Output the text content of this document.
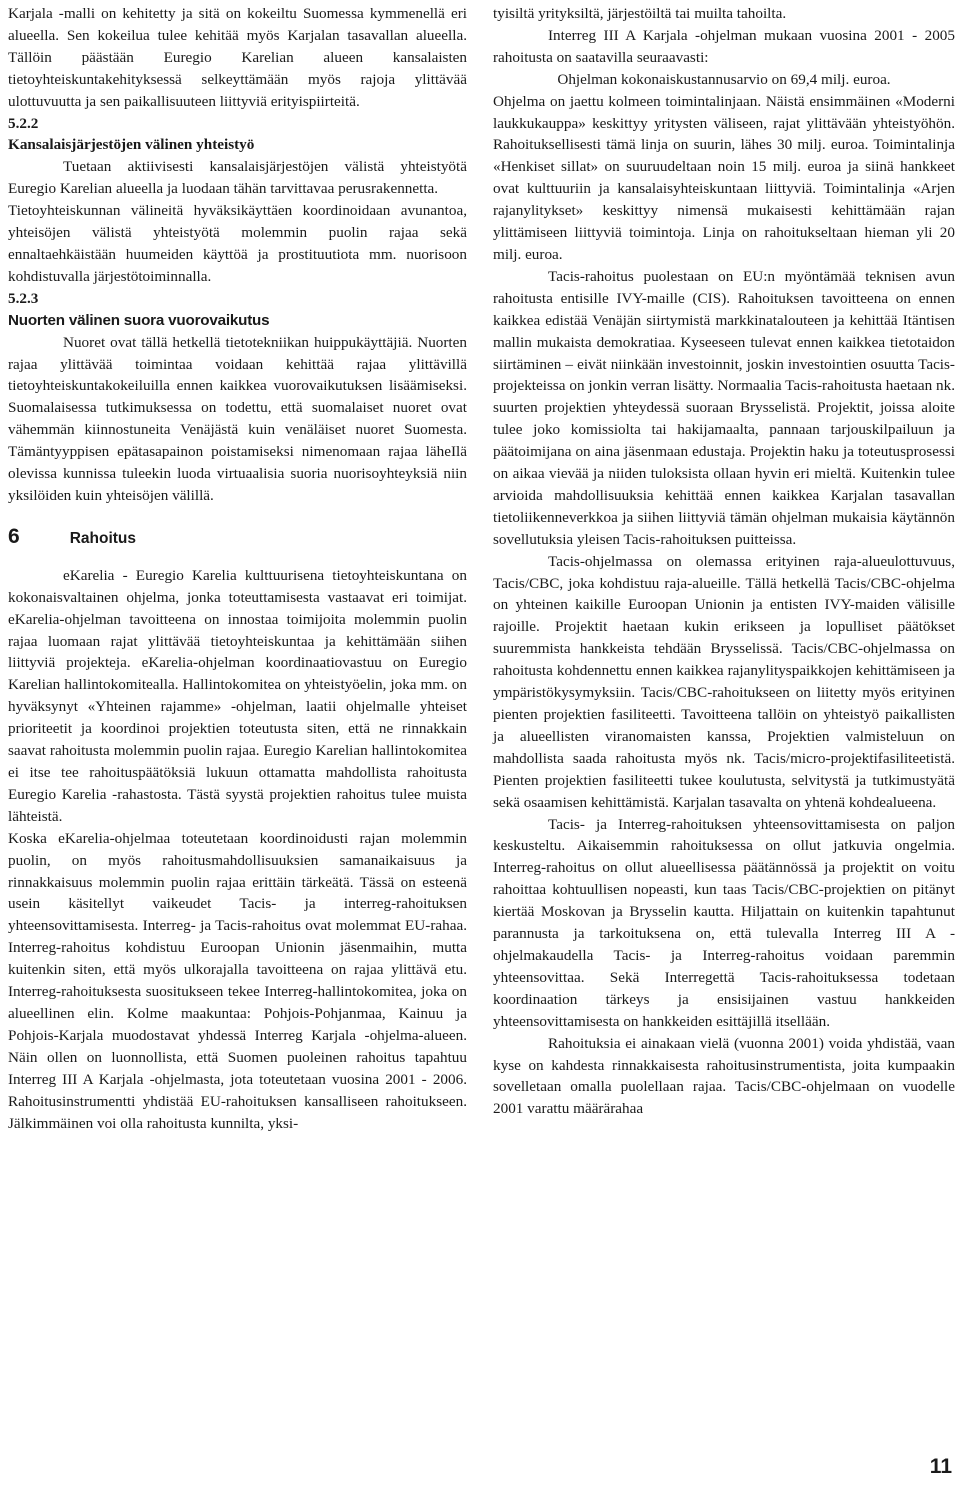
Karjala -malli on kehitetty ja sitä on kokeiltu Suomessa kymmenellä eri alueella. Sen kokeilua tulee kehitää myös Karjalan tasavallan alueella. Tällöin päästään Euregio Karelian alueen kansalaisten tietoyhteiskuntakehityksessä selkeyttämään myös rajoja ylittävää ulottuvuutta ja sen paikallisuuteen liittyviä erityispiirteitä.

5.2.2
Kansalaisjärjestöjen välinen yhteistyö

Tuetaan aktiivisesti kansalaisjärjestöjen välistä yhteistyötä Euregio Karelian alueella ja luodaan tähän tarvittavaa perusrakennetta.

Tietoyhteiskunnan välineitä hyväksikäyttäen koordinoidaan avunantoa, yhteisöjen välistä yhteistyötä molemmin puolin rajaa sekä ennaltaehkäistään huumeiden käyttöä ja prostituutiota mm. nuorisoon kohdistuvalla järjestötoiminnalla.

5.2.3
Nuorten välinen suora vuorovaikutus

Nuoret ovat tällä hetkellä tietotekniikan huippukäyttäjiä. Nuorten rajaa ylittävää toimintaa voidaan kehittää rajaa ylittävillä tietoyhteiskuntakokeiluilla ennen kaikkea vuorovaikutuksen lisäämiseksi. Suomalaisessa tutkimuksessa on todettu, että suomalaiset nuoret ovat vähemmän kiinnostuneita Venäjästä kuin venäläiset nuoret Suomesta. Tämäntyyppisen epätasapainon poistamiseksi nimenomaan rajaa läheIlä olevissa kunnissa tuleekin luoda virtuaalisia suoria nuorisoyhteyksiä niin yksilöiden kuin yhteisöjen välillä.

6	Rahoitus

eKarelia - Euregio Karelia kulttuurisena tietoyhteiskuntana on kokonaisvaltainen ohjelma, jonka toteuttamisesta vastaavat eri toimijat. eKarelia-ohjelman tavoitteena on innostaa toimijoita molemmin puolin rajaa luomaan rajat ylittävää tietoyhteiskuntaa ja kehittämään siihen liittyviä projekteja. eKarelia-ohjelman koordinaatiovastuu on Euregio Karelian hallintokomitealla. Hallintokomitea on yhteistyöelin, joka mm. on hyväksynyt «Yhteinen rajamme» -ohjelman, laatii ohjelmalle yhteiset prioriteetit ja koordinoi projektien toteutusta siten, että ne rinnakkain saavat rahoitusta molemmin puolin rajaa. Euregio Karelian hallintokomitea ei itse tee rahoituspäätöksiä lukuun ottamatta mahdollista rahoitusta Euregio Karelia -rahastosta. Tästä syystä projektien rahoitus tulee muista lähteistä.

Koska eKarelia-ohjelmaa toteutetaan koordinoidusti rajan molemmin puolin, on myös rahoitusmahdollisuuksien samanaikaisuus ja rinnakkaisuus molemmin puolin rajaa erittäin tärkeätä. Tässä on esteenä usein käsitellyt vaikeudet Tacis- ja interreg-rahoituksen yhteensovittamisesta. Interreg- ja Tacis-rahoitus ovat molemmat EU-rahaa. Interreg-rahoitus kohdistuu Euroopan Unionin jäsenmaihin, mutta kuitenkin siten, että myös ulkorajalla tavoitteena on rajaa ylittävä etu. Interreg-rahoituksesta suositukseen tekee Interreg-hallintokomitea, joka on alueellinen elin. Kolme maakuntaa: Pohjois-Pohjanmaa, Kainuu ja Pohjois-Karjala muodostavat yhdessä Interreg Karjala -ohjelma-alueen. Näin ollen on luonnollista, että Suomen puoleinen rahoitus tapahtuu Interreg III A Karjala -ohjelmasta, jota toteutetaan vuosina 2001 - 2006. Rahoitusinstrumentti yhdistää EU-rahoituksen kansalliseen rahoitukseen. Jälkimmäinen voi olla rahoitusta kunnilta, yksi-

tyisiltä yrityksiltä, järjestöiltä tai muilta tahoilta.

Interreg III A Karjala -ohjelman mukaan vuosina 2001 - 2005 rahoitusta on saatavilla seuraavasti:

Ohjelman kokonaiskustannusarvio on 69,4 milj. euroa.

Ohjelma on jaettu kolmeen toimintalinjaan. Näistä ensimmäinen «Moderni laukkukauppa» keskittyy yritysten väliseen, rajat ylittävään yhteistyöhön. Rahoituksellisesti tämä linja on suurin, lähes 30 milj. euroa. Toimintalinja «Henkiset sillat» on suuruudeltaan noin 15 milj. euroa ja siinä hankkeet ovat kulttuuriin ja kansalaisyhteiskuntaan liittyviä. Toimintalinja «Arjen rajanylitykset» keskittyy nimensä mukaisesti kehittämään rajan ylittämiseen liittyviä toimintoja. Linja on rahoitukseltaan hieman yli 20 milj. euroa.

Tacis-rahoitus puolestaan on EU:n myöntämää teknisen avun rahoitusta entisille IVY-maille (CIS). Rahoituksen tavoitteena on ennen kaikkea edistää Venäjän siirtymistä markkinatalouteen ja kehittää Itäntisen mallin mukaista demokratiaa. Kyseeseen tulevat ennen kaikkea tietotaidon siirtäminen – eivät niinkään investoinnit, joskin investointien osuutta Tacis-projekteissa on jonkin verran lisätty. Normaalia Tacis-rahoitusta haetaan nk. suurten projektien yhteydessä suoraan Brysselistä. Projektit, joissa aloite tulee joko komissiolta tai hakijamaalta, pannaan tarjouskilpailuun ja päätoimijana on aina jäsenmaan edustaja. Projektin haku ja toteutusprosessi on aikaa vievää ja niiden tuloksista ollaan hyvin eri mieltä. Kuitenkin tulee arvioida mahdollisuuksia kehittää ennen kaikkea Karjalan tasavallan tietoliikenneverkkoa ja siihen liittyviä tämän ohjelman mukaisia käytännön sovellutuksia yleisen Tacis-rahoituksen puitteissa.

Tacis-ohjelmassa on olemassa erityinen raja-alueulottuvuus, Tacis/CBC, joka kohdistuu raja-alueille. Tällä hetkellä Tacis/CBC-ohjelma on yhteinen kaikille Euroopan Unionin ja entisten IVY-maiden välisille rajoille. Projektit haetaan kukin erikseen ja lopulliset päätökset suuremmista hankkeista tehdään Brysselissä. Tacis/CBC-ohjelmassa on rahoitusta kohdennettu ennen kaikkea rajanylityspaikkojen kehittämiseen ja ympäristökysymyksiin. Tacis/CBC-rahoitukseen on liitetty myös erityinen pienten projektien fasiliteetti. Tavoitteena tallöin on yhteistyö paikallisten ja alueellisten viranomaisten kanssa, Projektien valmisteluun on mahdollista saada rahoitusta myös nk. Tacis/micro-projektifasiliteetistä. Pienten projektien fasiliteetti tukee koulutusta, selvitystä ja tutkimustyätä sekä osaamisen kehittämistä. Karjalan tasavalta on yhtenä kohdealueena.

Tacis- ja Interreg-rahoituksen yhteensovittamisesta on paljon keskusteltu. Aikaisemmin rahoituksessa on ollut jatkuvia ongelmia. Interreg-rahoitus on ollut alueellisessa päätännössä ja projektit on voitu rahoittaa kohtuullisen nopeasti, kun taas Tacis/CBC-projektien on pitänyt kiertää Moskovan ja Brysselin kautta. Hiljattain on kuitenkin tapahtunut parannusta ja tarkoituksena on, että tulevalla Interreg III A -ohjelmakaudella Tacis- ja Interreg-rahoitus voidaan paremmin yhteensovittaa. Sekä Interregettä Tacis-rahoituksessa todetaan koordinaation tärkeys ja ensisijainen vastuu hankkeiden yhteensovittamisesta on hankkeiden esittäjillä itsellään.

Rahoituksia ei ainakaan vielä (vuonna 2001) voida yhdistää, vaan kyse on kahdesta rinnakkaisesta rahoitusinstrumentista, joita kumpaakin sovelletaan omalla puolellaan rajaa. Tacis/CBC-ohjelmaan on vuodelle 2001 varattu määrärahaa

11
